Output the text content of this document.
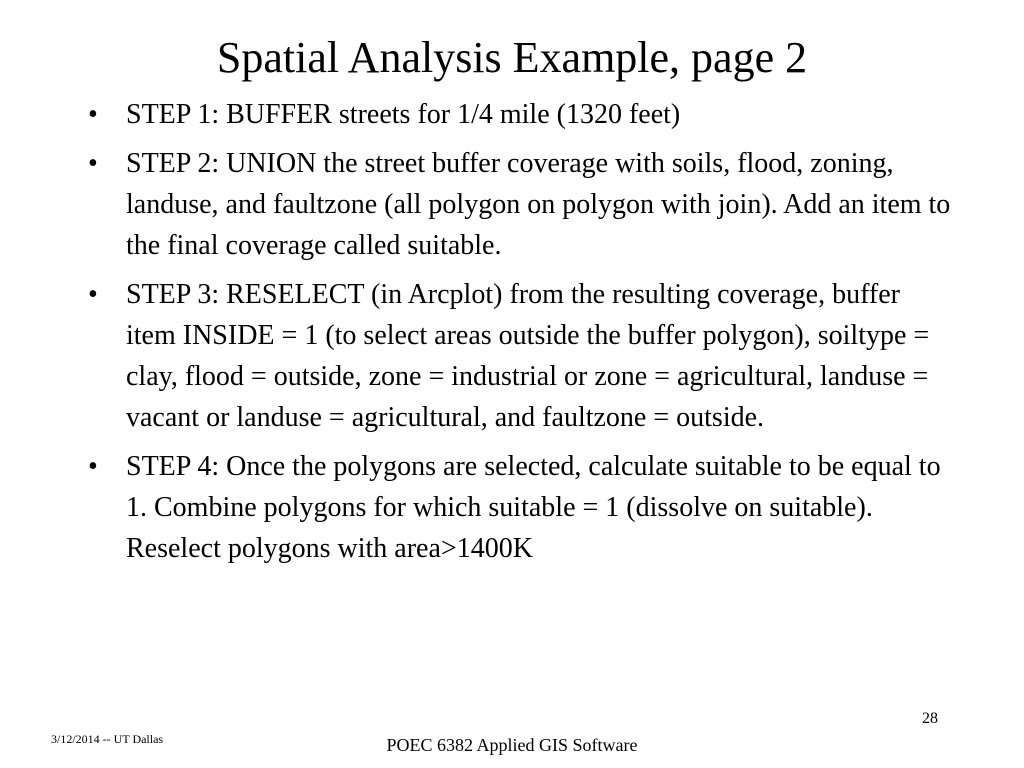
Spatial Analysis Example, page 2
•	STEP 1: BUFFER streets for 1/4 mile (1320 feet)
•	STEP 2: UNION the street buffer coverage with soils, flood, zoning, landuse, and faultzone (all polygon on polygon with join). Add an item to the final coverage called suitable.
•	STEP 3: RESELECT (in Arcplot) from the resulting coverage, buffer item INSIDE = 1 (to select areas outside the buffer polygon), soiltype = clay, flood = outside, zone = industrial or zone = agricultural, landuse = vacant or landuse = agricultural, and faultzone = outside.
•	STEP 4: Once the polygons are selected, calculate suitable to be equal to 1. Combine polygons for which suitable = 1 (dissolve on suitable). Reselect polygons with area>1400K
28
3/12/2014 -- UT Dallas	POEC 6382 Applied GIS Software
